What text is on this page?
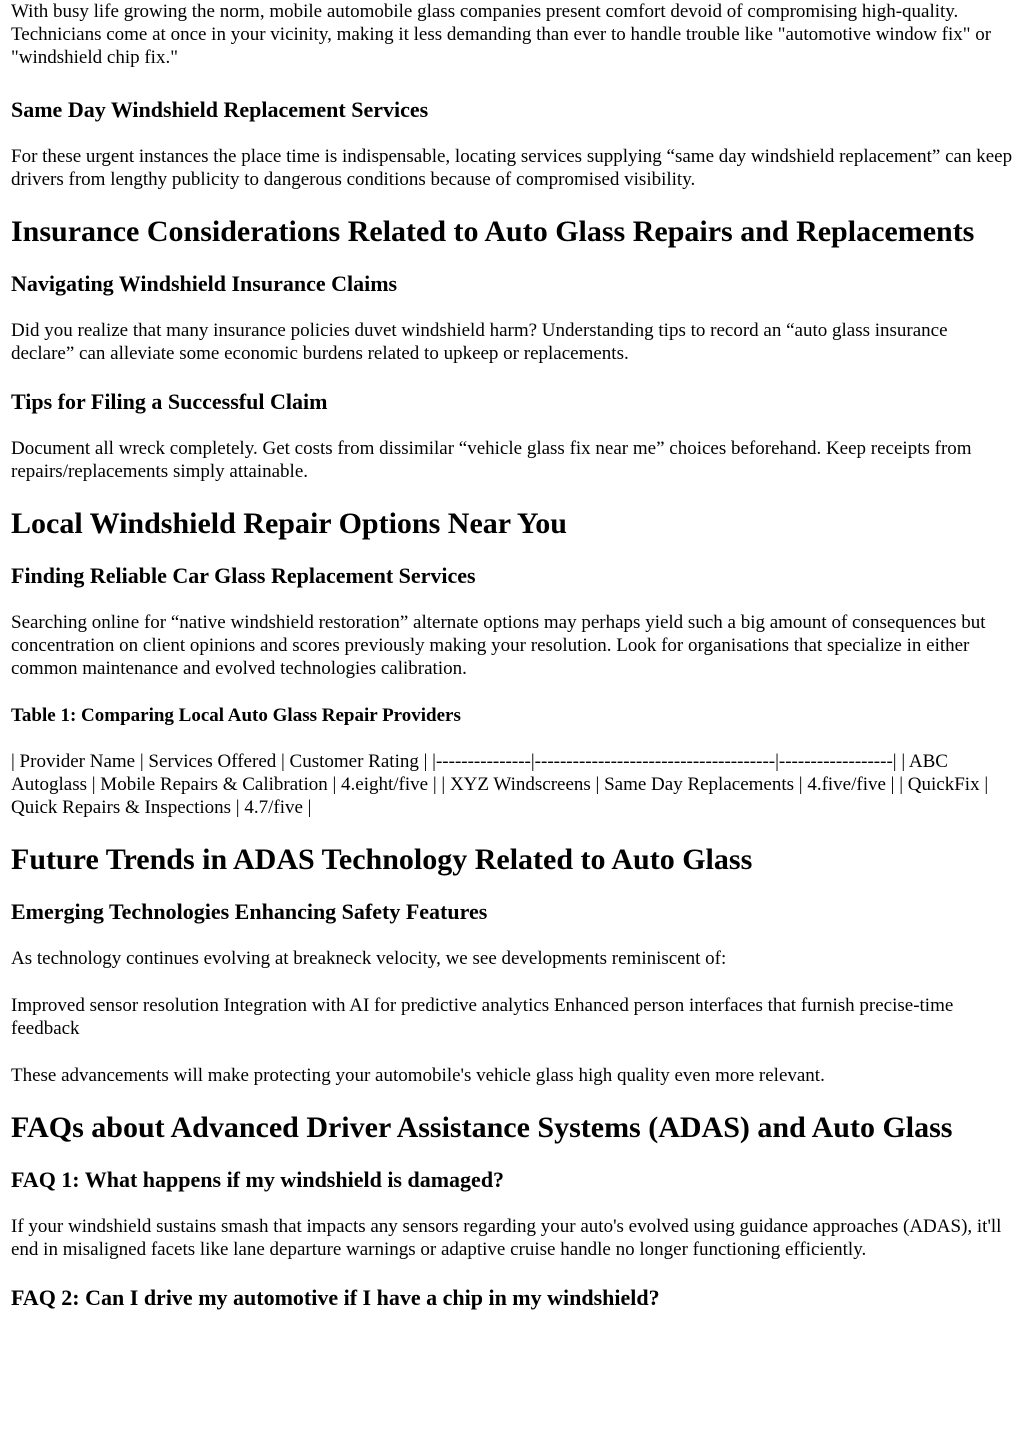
With busy life growing the norm, mobile automobile glass companies present comfort devoid of compromising high-quality. Technicians come at once in your vicinity, making it less demanding than ever to handle trouble like "automotive window fix" or "windshield chip fix."

Same Day Windshield Replacement Services

For these urgent instances the place time is indispensable, locating services supplying “same day windshield replacement” can keep drivers from lengthy publicity to dangerous conditions because of compromised visibility.

Insurance Considerations Related to Auto Glass Repairs and Replacements
Navigating Windshield Insurance Claims

Did you realize that many insurance policies duvet windshield harm? Understanding tips to record an “auto glass insurance declare” can alleviate some economic burdens related to upkeep or replacements.

Tips for Filing a Successful Claim

Document all wreck completely. Get costs from dissimilar “vehicle glass fix near me” choices beforehand. Keep receipts from repairs/replacements simply attainable.

Local Windshield Repair Options Near You
Finding Reliable Car Glass Replacement Services

Searching online for “native windshield restoration” alternate options may perhaps yield such a big amount of consequences but concentration on client opinions and scores previously making your resolution. Look for organisations that specialize in either common maintenance and evolved technologies calibration.

Table 1: Comparing Local Auto Glass Repair Providers

| Provider Name | Services Offered | Customer Rating | |---------------|--------------------------------------|------------------| | ABC Autoglass | Mobile Repairs & Calibration | 4.eight/five | | XYZ Windscreens | Same Day Replacements | 4.five/five | | QuickFix | Quick Repairs & Inspections | 4.7/five |

Future Trends in ADAS Technology Related to Auto Glass
Emerging Technologies Enhancing Safety Features

As technology continues evolving at breakneck velocity, we see developments reminiscent of:

Improved sensor resolution Integration with AI for predictive analytics Enhanced person interfaces that furnish precise-time feedback

These advancements will make protecting your automobile's vehicle glass high quality even more relevant.

FAQs about Advanced Driver Assistance Systems (ADAS) and Auto Glass
FAQ 1: What happens if my windshield is damaged?

If your windshield sustains smash that impacts any sensors regarding your auto's evolved using guidance approaches (ADAS), it'll end in misaligned facets like lane departure warnings or adaptive cruise handle no longer functioning efficiently.

FAQ 2: Can I drive my automotive if I have a chip in my windshield?
